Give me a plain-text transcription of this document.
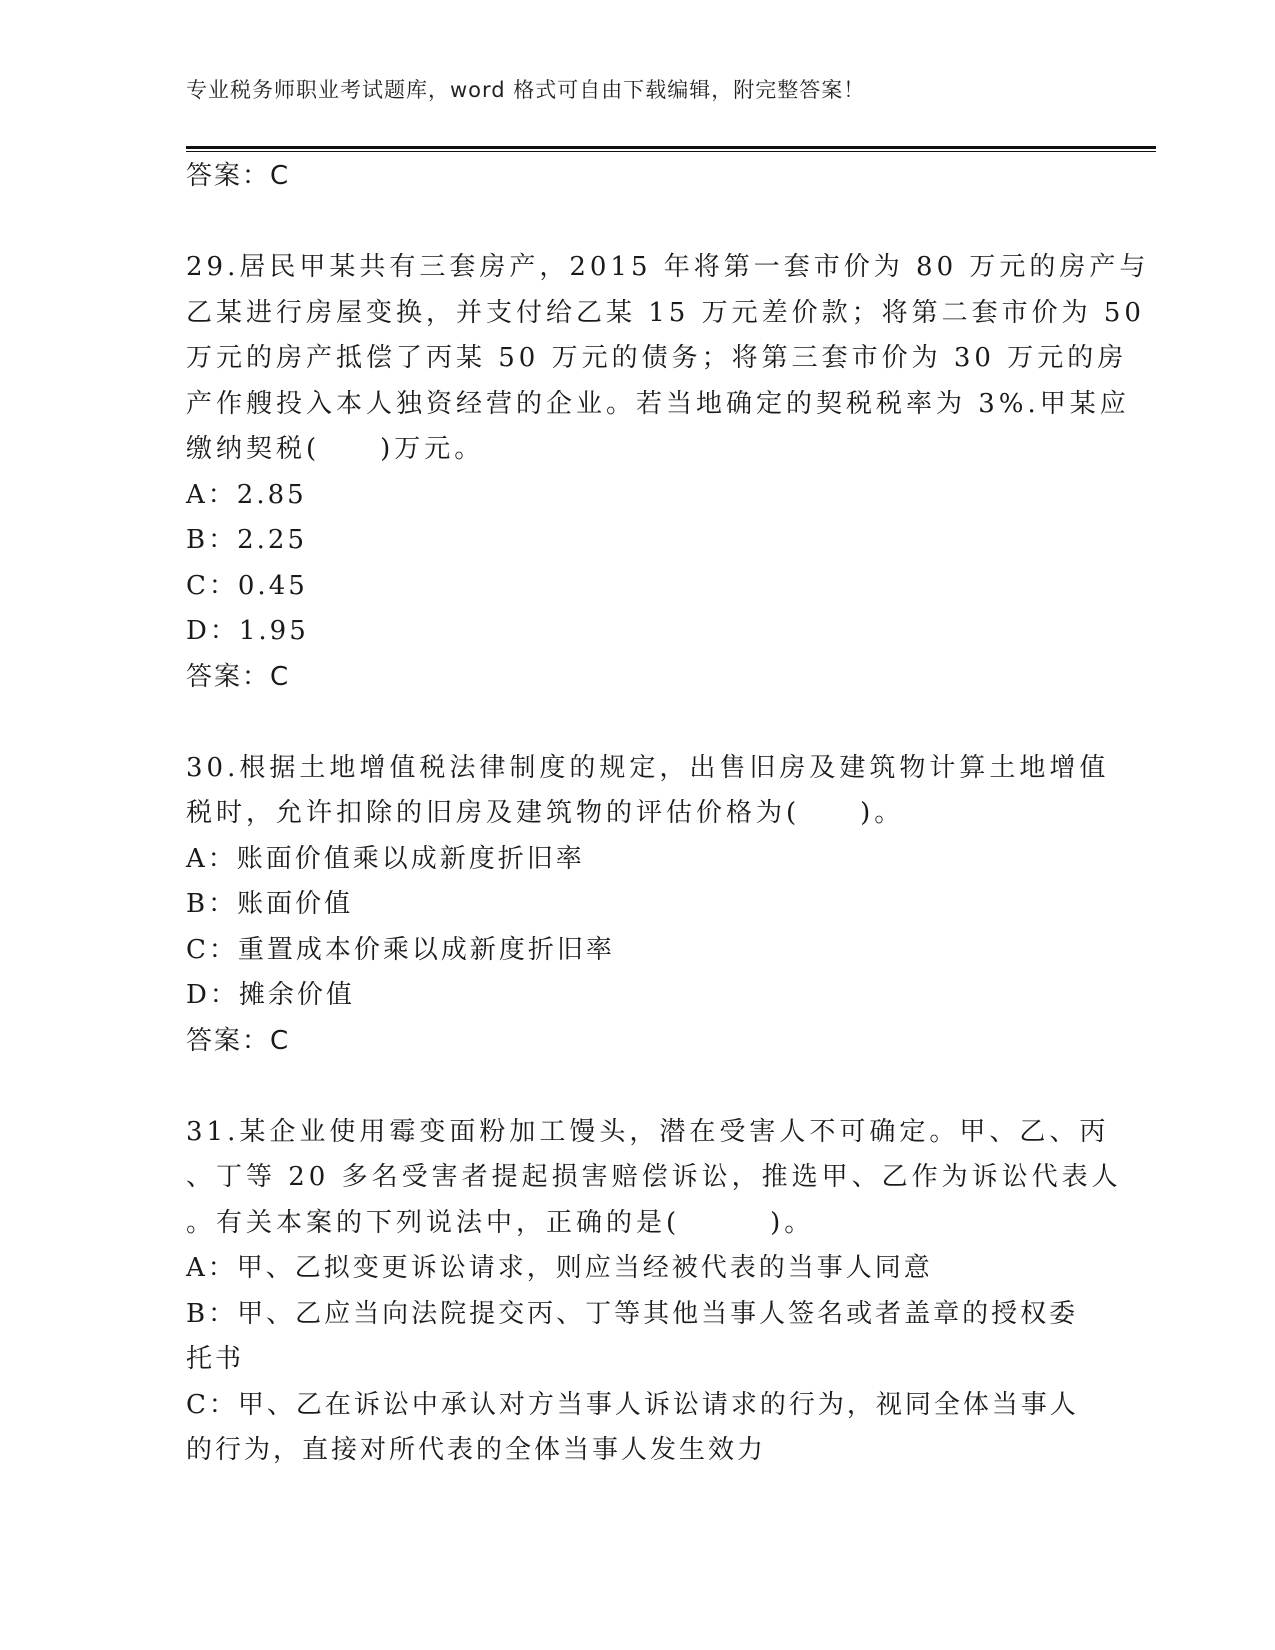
专业税务师职业考试题库，word 格式可自由下载编辑，附完整答案！
答案：C
29.居民甲某共有三套房产，2015 年将第一套市价为 80 万元的房产与
乙某进行房屋变换，并支付给乙某 15 万元差价款；将第二套市价为 50
万元的房产抵偿了丙某 50 万元的债务；将第三套市价为 30 万元的房
产作艘投入本人独资经营的企业。若当地确定的契税税率为 3%.甲某应
缴纳契税(　　)万元。
A：2.85
B：2.25
C：0.45
D：1.95
答案：C
30.根据土地增值税法律制度的规定，出售旧房及建筑物计算土地增值
税时，允许扣除的旧房及建筑物的评估价格为(　　)。
A：账面价值乘以成新度折旧率
B：账面价值
C：重置成本价乘以成新度折旧率
D：摊余价值
答案：C
31.某企业使用霉变面粉加工馒头，潜在受害人不可确定。甲、乙、丙
、丁等 20 多名受害者提起损害赔偿诉讼，推选甲、乙作为诉讼代表人
。有关本案的下列说法中，正确的是(　　　)。
A：甲、乙拟变更诉讼请求，则应当经被代表的当事人同意
B：甲、乙应当向法院提交丙、丁等其他当事人签名或者盖章的授权委
托书
C：甲、乙在诉讼中承认对方当事人诉讼请求的行为，视同全体当事人
的行为，直接对所代表的全体当事人发生效力
